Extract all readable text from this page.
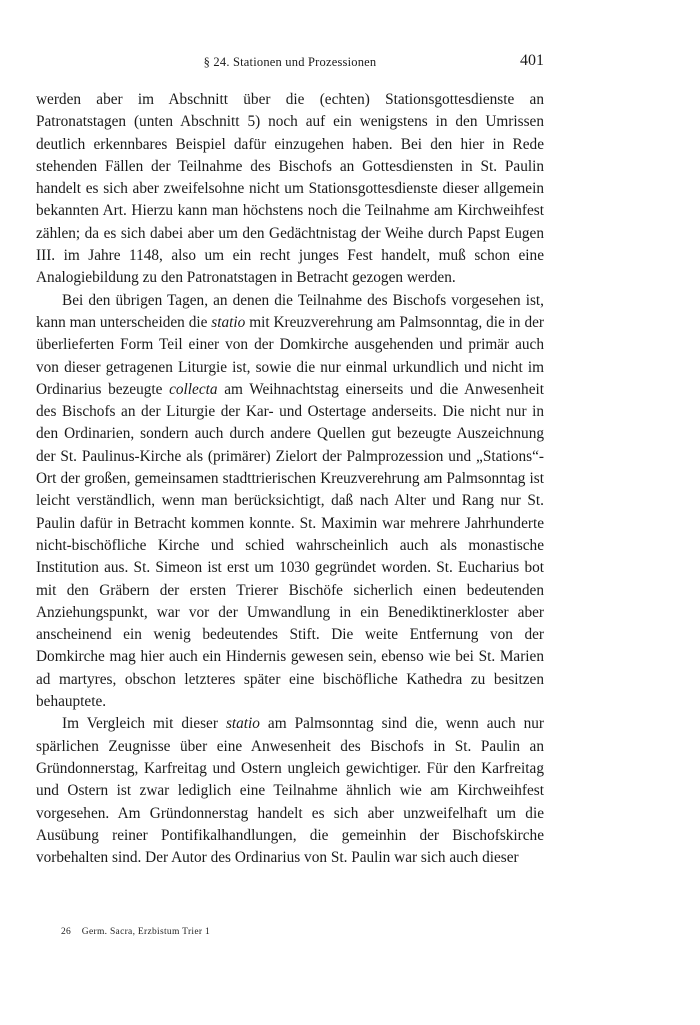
§ 24. Stationen und Prozessionen	401

werden aber im Abschnitt über die (echten) Stationsgottesdienste an Patronatstagen (unten Abschnitt 5) noch auf ein wenigstens in den Umrissen deutlich erkennbares Beispiel dafür einzugehen haben. Bei den hier in Rede stehenden Fällen der Teilnahme des Bischofs an Gottesdiensten in St. Paulin handelt es sich aber zweifelsohne nicht um Stationsgottesdienste dieser allgemein bekannten Art. Hierzu kann man höchstens noch die Teilnahme am Kirchweihfest zählen; da es sich dabei aber um den Gedächtnistag der Weihe durch Papst Eugen III. im Jahre 1148, also um ein recht junges Fest handelt, muß schon eine Analogiebildung zu den Patronatstagen in Betracht gezogen werden.

Bei den übrigen Tagen, an denen die Teilnahme des Bischofs vorgesehen ist, kann man unterscheiden die statio mit Kreuzverehrung am Palmsonntag, die in der überlieferten Form Teil einer von der Domkirche ausgehenden und primär auch von dieser getragenen Liturgie ist, sowie die nur einmal urkundlich und nicht im Ordinarius bezeugte collecta am Weihnachtstag einerseits und die Anwesenheit des Bischofs an der Liturgie der Kar- und Ostertage anderseits. Die nicht nur in den Ordinarien, sondern auch durch andere Quellen gut bezeugte Auszeichnung der St. Paulinus-Kirche als (primärer) Zielort der Palmprozession und „Stations“-Ort der großen, gemeinsamen stadttrierischen Kreuzverehrung am Palmsonntag ist leicht verständlich, wenn man berücksichtigt, daß nach Alter und Rang nur St. Paulin dafür in Betracht kommen konnte. St. Maximin war mehrere Jahrhunderte nicht-bischöfliche Kirche und schied wahrscheinlich auch als monastische Institution aus. St. Simeon ist erst um 1030 gegründet worden. St. Eucharius bot mit den Gräbern der ersten Trierer Bischöfe sicherlich einen bedeutenden Anziehungspunkt, war vor der Umwandlung in ein Benediktinerkloster aber anscheinend ein wenig bedeutendes Stift. Die weite Entfernung von der Domkirche mag hier auch ein Hindernis gewesen sein, ebenso wie bei St. Marien ad martyres, obschon letzteres später eine bischöfliche Kathedra zu besitzen behauptete.

Im Vergleich mit dieser statio am Palmsonntag sind die, wenn auch nur spärlichen Zeugnisse über eine Anwesenheit des Bischofs in St. Paulin an Gründonnerstag, Karfreitag und Ostern ungleich gewichtiger. Für den Karfreitag und Ostern ist zwar lediglich eine Teilnahme ähnlich wie am Kirchweihfest vorgesehen. Am Gründonnerstag handelt es sich aber unzweifelhaft um die Ausübung reiner Pontifikalhandlungen, die gemeinhin der Bischofskirche vorbehalten sind. Der Autor des Ordinarius von St. Paulin war sich auch dieser

26 Germ. Sacra, Erzbistum Trier 1
